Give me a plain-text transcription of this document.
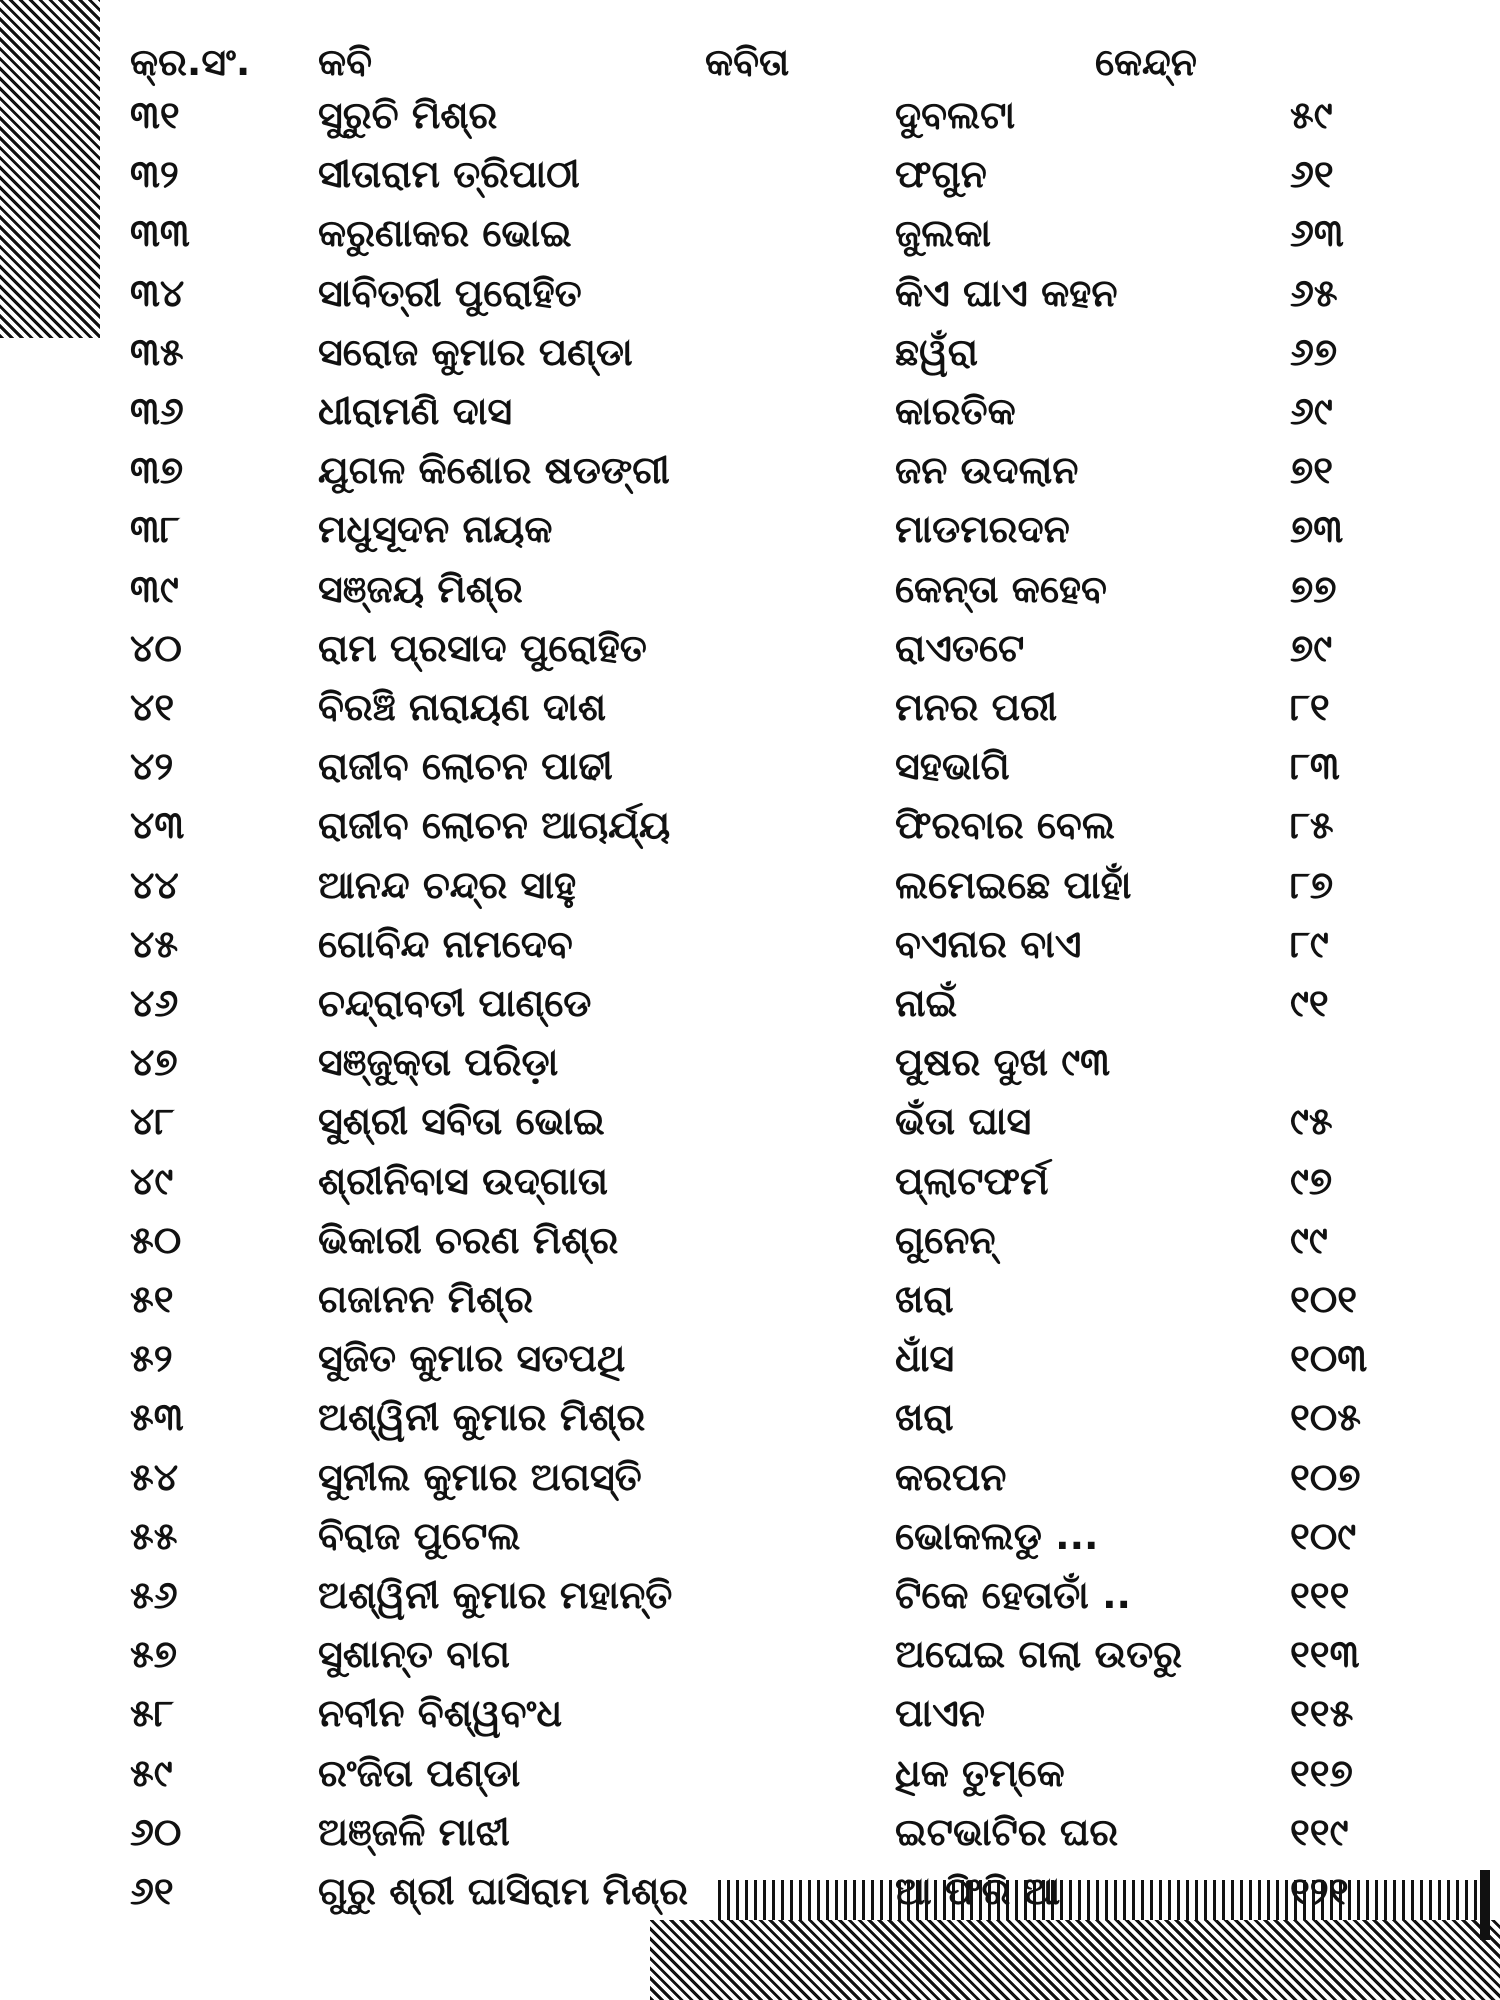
କ୍ର.ସଂ. କବି	କବିତା	କେନ୍ଦ୍ନ
୩୧	ସୁରୁଚି ମିଶ୍ର	ଦୁବଲଟା	୫୯
୩୨	ସୀତାରାମ ତ୍ରିପାଠୀ	ଫଗୁନ	୬୧
୩୩	କରୁଣାକର ଭୋଇ	ଜୁଲକା	୬୩
୩୪	ସାବିତ୍ରୀ ପୁରୋହିତ	କିଏ ଘାଏ କହନ	୬୫
୩୫	ସରୋଜ କୁମାର ପଣ୍ଡା	ଛୱଁରା	୬୭
୩୬	ଧୀରାମଣି ଦାସ	କାରତିକ	୬୯
୩୭	ଯୁଗଳ କିଶୋର ଷଡଙ୍ଗୀ	ଜନ ଉଦଲାନ	୭୧
୩୮	ମଧୁସୂଦନ ନାୟକ	ମାଡମରଦନ	୭୩
୩୯	ସଞ୍ଜୟ ମିଶ୍ର	କେନ୍ତା କହେବ	୭୭
୪୦	ରାମ ପ୍ରସାଦ ପୁରୋହିତ	ରାଏତଟେ	୭୯
୪୧	ବିରଞ୍ଚି ନାରାୟଣ ଦାଶ	ମନର ପରୀ	୮୧
୪୨	ରାଜୀବ ଲୋଚନ ପାଢୀ	ସହଭାଗି	୮୩
୪୩	ରାଜୀବ ଲୋଚନ ଆଚାର୍ଯ୍ୟ	ଫିରବାର ବେଲ	୮୫
୪୪	ଆନନ୍ଦ ଚନ୍ଦ୍ର ସାହୁ	ଲମେଇଛେ ପାହାଁ	୮୭
୪୫	ଗୋବିନ୍ଦ ନାମଦେବ	ବଏନାର ବାଏ	୮୯
୪୬	ଚନ୍ଦ୍ରାବତୀ ପାଣ୍ଡେ	ନାଇଁ	୯୧
୪୭	ସଞ୍ଜୁକ୍ତା ପରିଡ଼ା	ପୁଷର ଦୁଖ ୯୩
୪୮	ସୁଶ୍ରୀ ସବିତା ଭୋଇ	ଭଁତା ଘାସ	୯୫
୪୯	ଶ୍ରୀନିବାସ ଉଦ୍‌ଗାତା	ପ୍ଲାଟଫର୍ମ	୯୭
୫୦	ଭିକାରୀ ଚରଣ ମିଶ୍ର	ଗୁନେନ୍	୯୯
୫୧	ଗଜାନନ ମିଶ୍ର	ଖରା	୧୦୧
୫୨	ସୁଜିତ କୁମାର ସତପଥି	ଧାଁସ	୧୦୩
୫୩	ଅଶ୍ୱିନୀ କୁମାର ମିଶ୍ର	ଖରା	୧୦୫
୫୪	ସୁନୀଲ କୁମାର ଅଗସ୍ତି	କରପନ	୧୦୭
୫୫	ବିରାଜ ପୁଟେଲ	ଭୋକଲଡୁ ...	୧୦୯
୫୬	ଅଶ୍ୱିନୀ କୁମାର ମହାନ୍ତି	ଟିକେ ହେତାତାଁ ..	୧୧୧
୫୭	ସୁଶାନ୍ତ ବାଗ	ଅଘେଇ ଗଲା ଉତରୁ	୧୧୩
୫୮	ନବୀନ ବିଶ୍ୱବଂଧ	ପାଏନ	୧୧୫
୫୯	ରଂଜିତା ପଣ୍ଡା	ଧିକ ତୁମ୍‌କେ	୧୧୭
୬୦	ଅଞ୍ଜଳି ମାଝୀ	ଇଟଭାଟିର ଘର	୧୧୯
୬୧	ଗୁରୁ ଶ୍ରୀ ଘାସିରାମ ମିଶ୍ର	ଆ ଫିରି ଆ	୧୨୧
